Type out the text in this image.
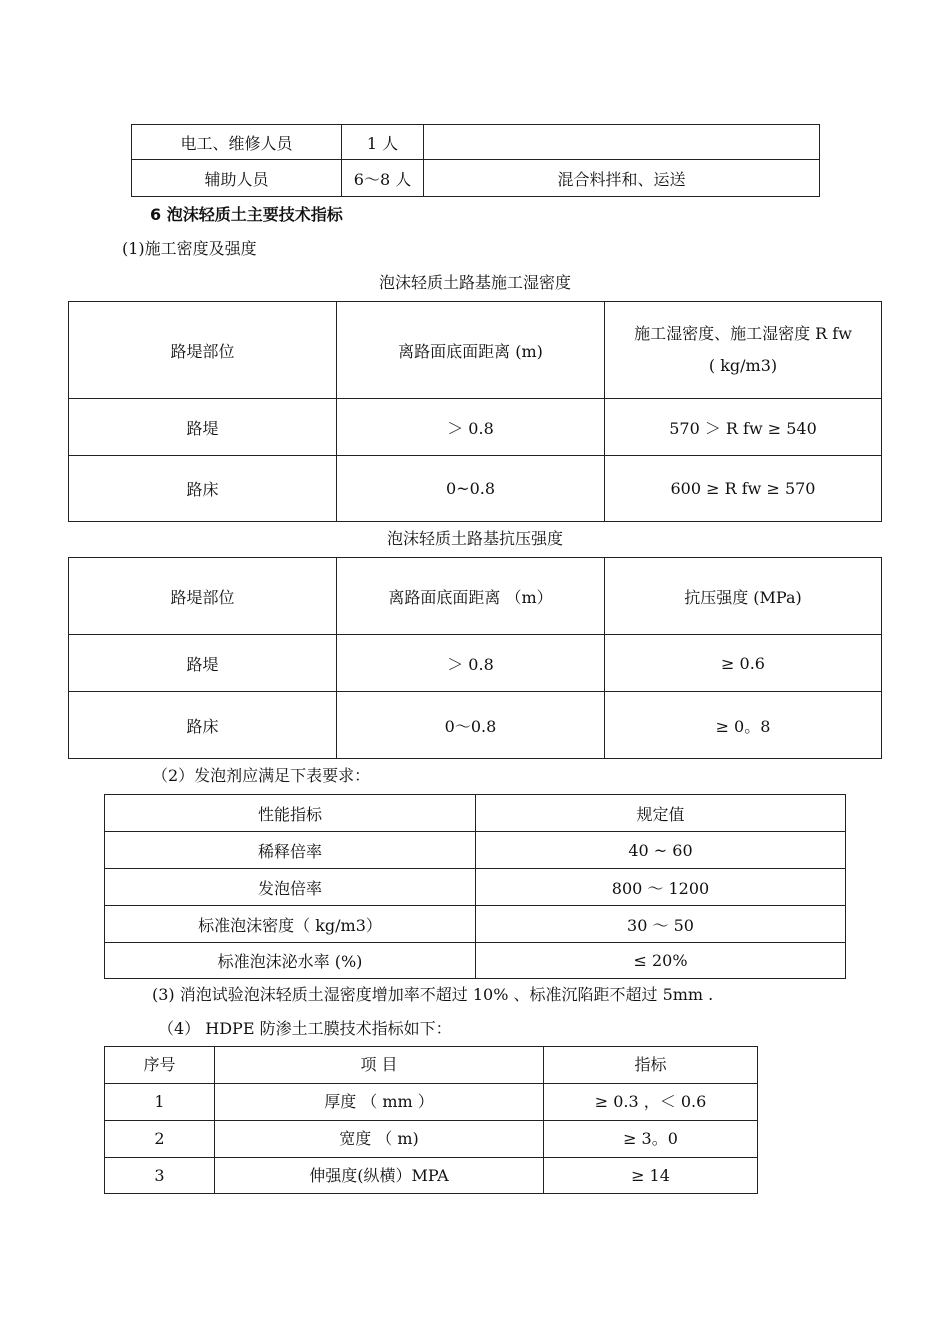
电工、维修人员	1 人	
辅助人员	6～8 人	混合料拌和、运送
6 泡沫轻质土主要技术指标
(1)施工密度及强度
泡沫轻质土路基施工湿密度
路堤部位	离路面底面距离 (m)	施工湿密度、施工湿密度 R fw
( kg/m3)

路堤	＞ 0.8	570 ＞ R fw ≥ 540
路床	0~0.8	600 ≥ R fw ≥ 570
泡沫轻质土路基抗压强度
路堤部位	离路面底面距离 （m）	抗压强度 (MPa)
路堤	＞ 0.8	≥ 0.6
路床	0～0.8	≥ 0。8
（2）发泡剂应满足下表要求：
性能指标	规定值
稀释倍率	40 ~ 60
发泡倍率	800 ～ 1200
标准泡沫密度（ kg/m3）	30 ～ 50
标准泡沫泌水率 (%)	≤ 20%
(3) 消泡试验泡沫轻质土湿密度增加率不超过 10% 、标准沉陷距不超过 5mm .
（4） HDPE 防渗土工膜技术指标如下：
序号	项 目	指标
1	厚度 （ mm ）	≥ 0.3 ，＜ 0.6
2	宽度 （ m)	≥ 3。0
3	伸强度(纵横）MPA	≥ 14
